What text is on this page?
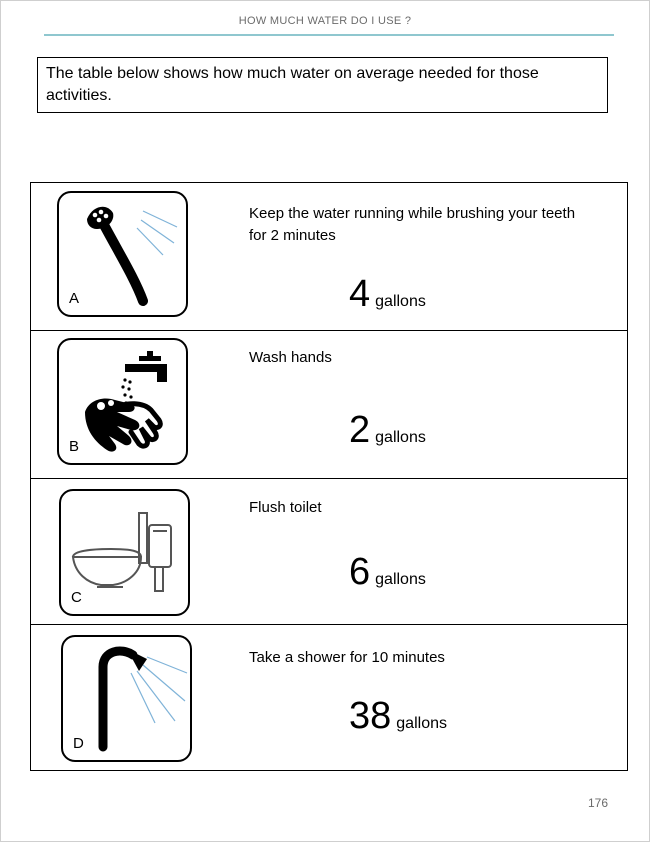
HOW MUCH WATER DO I USE ?
The table below shows how much water on average needed for those activities.
A
Keep the water running while brushing your teeth for 2 minutes
4 gallons
B
Wash hands
2 gallons
C
Flush toilet
6 gallons
D
Take a shower for 10 minutes
38 gallons
176
